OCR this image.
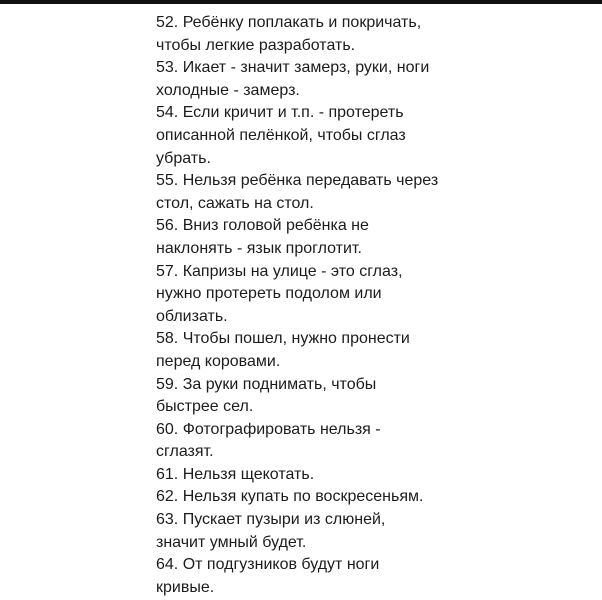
52. Ребёнку поплакать и покричать,
чтобы легкие разработать.
53. Икает - значит замерз, руки, ноги
холодные - замерз.
54. Если кричит и т.п. - протереть
описанной пелёнкой, чтобы сглаз
убрать.
55. Нельзя ребёнка передавать через
стол, сажать на стол.
56. Вниз головой ребёнка не
наклонять - язык проглотит.
57. Капризы на улице - это сглаз,
нужно протереть подолом или
облизать.
58. Чтобы пошел, нужно пронести
перед коровами.
59. За руки поднимать, чтобы
быстрее сел.
60. Фотографировать нельзя -
сглазят.
61. Нельзя щекотать.
62. Нельзя купать по воскресеньям.
63. Пускает пузыри из слюней,
значит умный будет.
64. От подгузников будут ноги
кривые.
